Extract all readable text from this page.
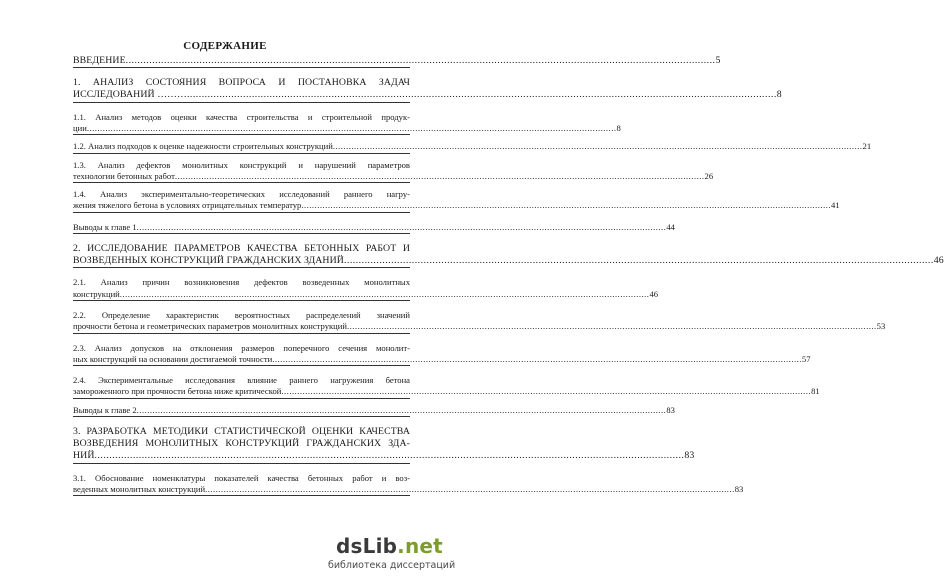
СОДЕРЖАНИЕ
ВВЕДЕНИЕ ........................................................................................................................................................................................................ 5
1. АНАЛИЗ СОСТОЯНИЯ ВОПРОСА И ПОСТАНОВКА ЗАДАЧ
ИССЛЕДОВАНИЙ ……… ........................................................................................................................................................................................................ 8
1.1. Анализ методов оценки качества строительства и строительной продук-
ции ........................................................................................................................................................................................................ 8
1.2. Анализ подходов к оценке надежности строительных конструкций ........................................................................................................................................................................................................ 21
1.3. Анализ дефектов монолитных конструкций и нарушений параметров
технологии бетонных работ ........................................................................................................................................................................................................ 26
1.4. Анализ экспериментально-теоретических исследований раннего нагру-
жения тяжелого бетона в условиях отрицательных температур ........................................................................................................................................................................................................ 41
Выводы к главе 1 ........................................................................................................................................................................................................ 44
2. ИССЛЕДОВАНИЕ ПАРАМЕТРОВ КАЧЕСТВА БЕТОННЫХ РАБОТ И
ВОЗВЕДЕННЫХ КОНСТРУКЦИЙ ГРАЖДАНСКИХ ЗДАНИЙ ........................................................................................................................................................................................................ 46
2.1. Анализ причин возникновения дефектов возведенных монолитных
конструкций ........................................................................................................................................................................................................ 46
2.2. Определение характеристик вероятностных распределений значений
прочности бетона и геометрических параметров монолитных конструкций ........................................................................................................................................................................................................ 53
2.3. Анализ допусков на отклонения размеров поперечного сечения монолит-
ных конструкций на основании достигаемой точности ........................................................................................................................................................................................................ 57
2.4. Экспериментальные исследования влияние раннего нагружения бетона
замороженного при прочности бетона ниже критической ........................................................................................................................................................................................................ 81
Выводы к главе 2 ........................................................................................................................................................................................................ 83
3. РАЗРАБОТКА МЕТОДИКИ СТАТИСТИЧЕСКОЙ ОЦЕНКИ КАЧЕСТВА
ВОЗВЕДЕНИЯ МОНОЛИТНЫХ КОНСТРУКЦИЙ ГРАЖДАНСКИХ ЗДА-
НИЙ ........................................................................................................................................................................................................ 83
3.1. Обоснование номенклатуры показателей качества бетонных работ и воз-
веденных монолитных конструкций ........................................................................................................................................................................................................ 83
dsLib.net
библиотека диссертаций
